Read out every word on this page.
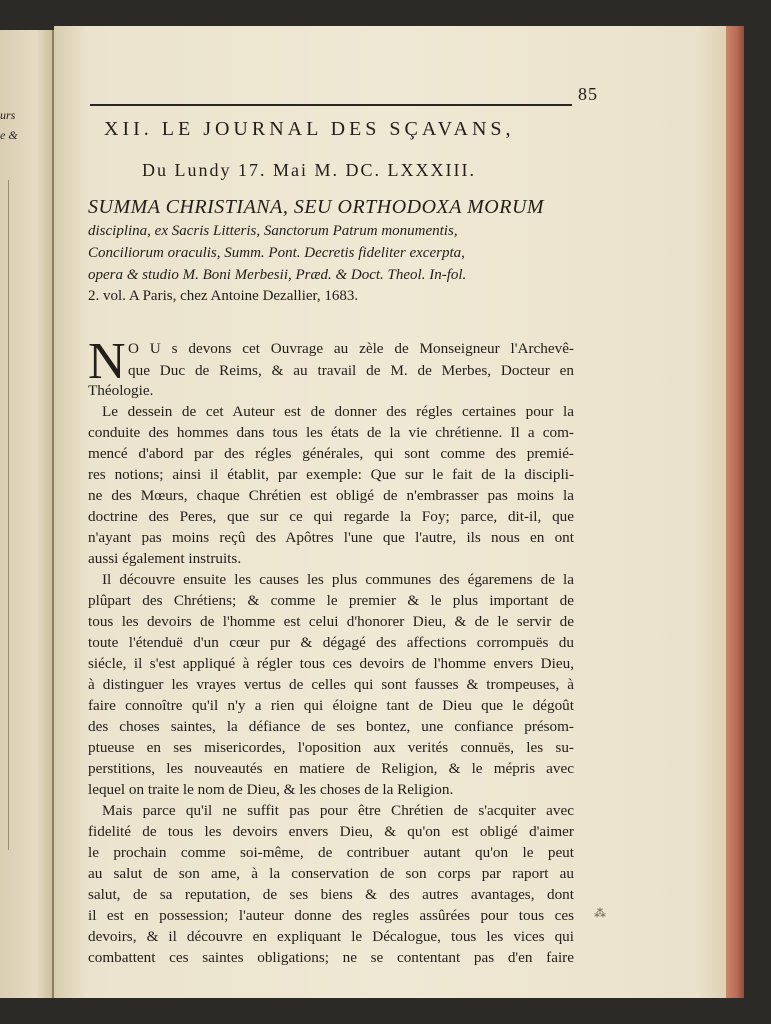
urs
e &
85
XII. LE JOURNAL DES SÇAVANS,
Du Lundy 17. Mai M. DC. LXXXIII.
SUMMA CHRISTIANA, SEU ORTHODOXA MORUM
disciplina, ex Sacris Litteris, Sanctorum Patrum monumentis,
Conciliorum oraculis, Summ. Pont. Decretis fideliter excerpta,
opera & studio M. Boni Merbesii, Præd. & Doct. Theol. In-fol.
2. vol. A Paris, chez Antoine Dezallier, 1683.
N O U s devons cet Ouvrage au zèle de Monseigneur l'Archevê-
que Duc de Reims, & au travail de M. de Merbes, Docteur en
Théologie.
Le dessein de cet Auteur est de donner des régles certaines pour la
conduite des hommes dans tous les états de la vie chrétienne. Il a com-
mencé d'abord par des régles générales, qui sont comme des premié-
res notions; ainsi il établit, par exemple: Que sur le fait de la discipli-
ne des Mœurs, chaque Chrétien est obligé de n'embrasser pas moins la
doctrine des Peres, que sur ce qui regarde la Foy; parce, dit-il, que
n'ayant pas moins reçû des Apôtres l'une que l'autre, ils nous en ont
aussi également instruits.
Il découvre ensuite les causes les plus communes des égaremens de la
plûpart des Chrétiens; & comme le premier & le plus important de
tous les devoirs de l'homme est celui d'honorer Dieu, & de le servir de
toute l'étenduë d'un cœur pur & dégagé des affections corrompuës du
siécle, il s'est appliqué à régler tous ces devoirs de l'homme envers Dieu,
à distinguer les vrayes vertus de celles qui sont fausses & trompeuses, à
faire connoître qu'il n'y a rien qui éloigne tant de Dieu que le dégoût
des choses saintes, la défiance de ses bontez, une confiance présom-
ptueuse en ses misericordes, l'oposition aux verités connuës, les su-
perstitions, les nouveautés en matiere de Religion, & le mépris avec
lequel on traite le nom de Dieu, & les choses de la Religion.
Mais parce qu'il ne suffit pas pour être Chrétien de s'acquiter avec
fidelité de tous les devoirs envers Dieu, & qu'on est obligé d'aimer
le prochain comme soi-même, de contribuer autant qu'on le peut
au salut de son ame, à la conservation de son corps par raport au
salut, de sa reputation, de ses biens & des autres avantages, dont
il est en possession; l'auteur donne des regles assûrées pour tous ces
devoirs, & il découvre en expliquant le Décalogue, tous les vices qui
combattent ces saintes obligations; ne se contentant pas d'en faire
⁂
